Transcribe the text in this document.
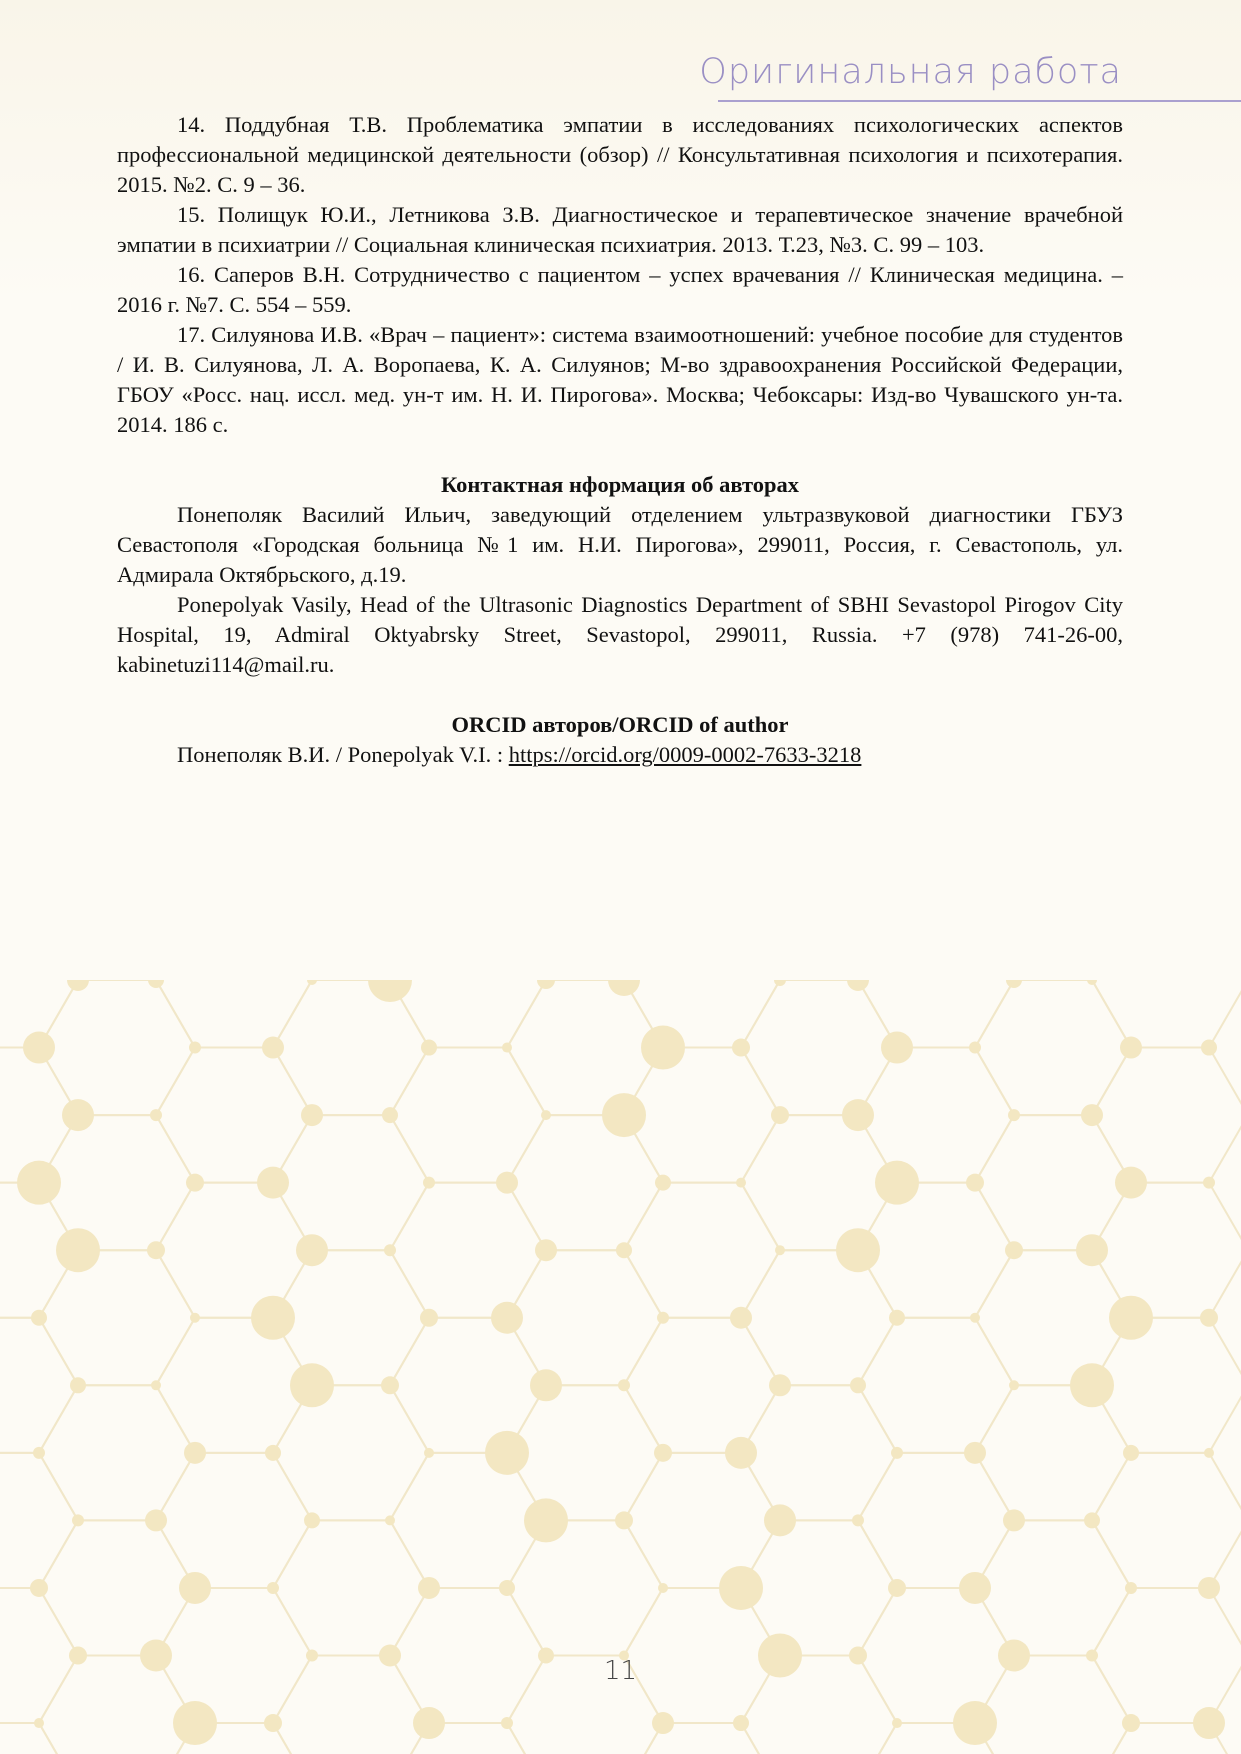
Оригинальная работа

14. Поддубная Т.В. Проблематика эмпатии в исследованиях психологических аспектов профессиональной медицинской деятельности (обзор) // Консультативная психология и психотерапия. 2015. №2. С. 9 – 36.

15. Полищук Ю.И., Летникова З.В. Диагностическое и терапевтическое значение врачебной эмпатии в психиатрии // Социальная клиническая психиатрия. 2013. Т.23, №3. С. 99 – 103.

16. Саперов В.Н. Сотрудничество с пациентом – успех врачевания // Клиническая медицина. – 2016 г. №7. С. 554 – 559.

17. Силуянова И.В. «Врач – пациент»: система взаимоотношений: учебное пособие для студентов / И. В. Силуянова, Л. А. Воропаева, К. А. Силуянов; М-во здравоохранения Российской Федерации, ГБОУ «Росс. нац. иссл. мед. ун-т им. Н. И. Пирогова». Москва; Чебоксары: Изд-во Чувашского ун-та. 2014. 186 с.

Контактная нформация об авторах

Понеполяк Василий Ильич, заведующий отделением ультразвуковой диагностики ГБУЗ Севастополя «Городская больница №1 им. Н.И. Пирогова», 299011, Россия, г. Севастополь, ул. Адмирала Октябрьского, д.19.

Ponepolyak Vasily, Head of the Ultrasonic Diagnostics Department of SBHI Sevastopol Pirogov City Hospital, 19, Admiral Oktyabrsky Street, Sevastopol, 299011, Russia. +7 (978) 741-26-00, kabinetuzi114@mail.ru.

ORCID авторов/ORCID of author

Понеполяк В.И. / Ponepolyak V.I. : https://orcid.org/0009-0002-7633-3218

11
